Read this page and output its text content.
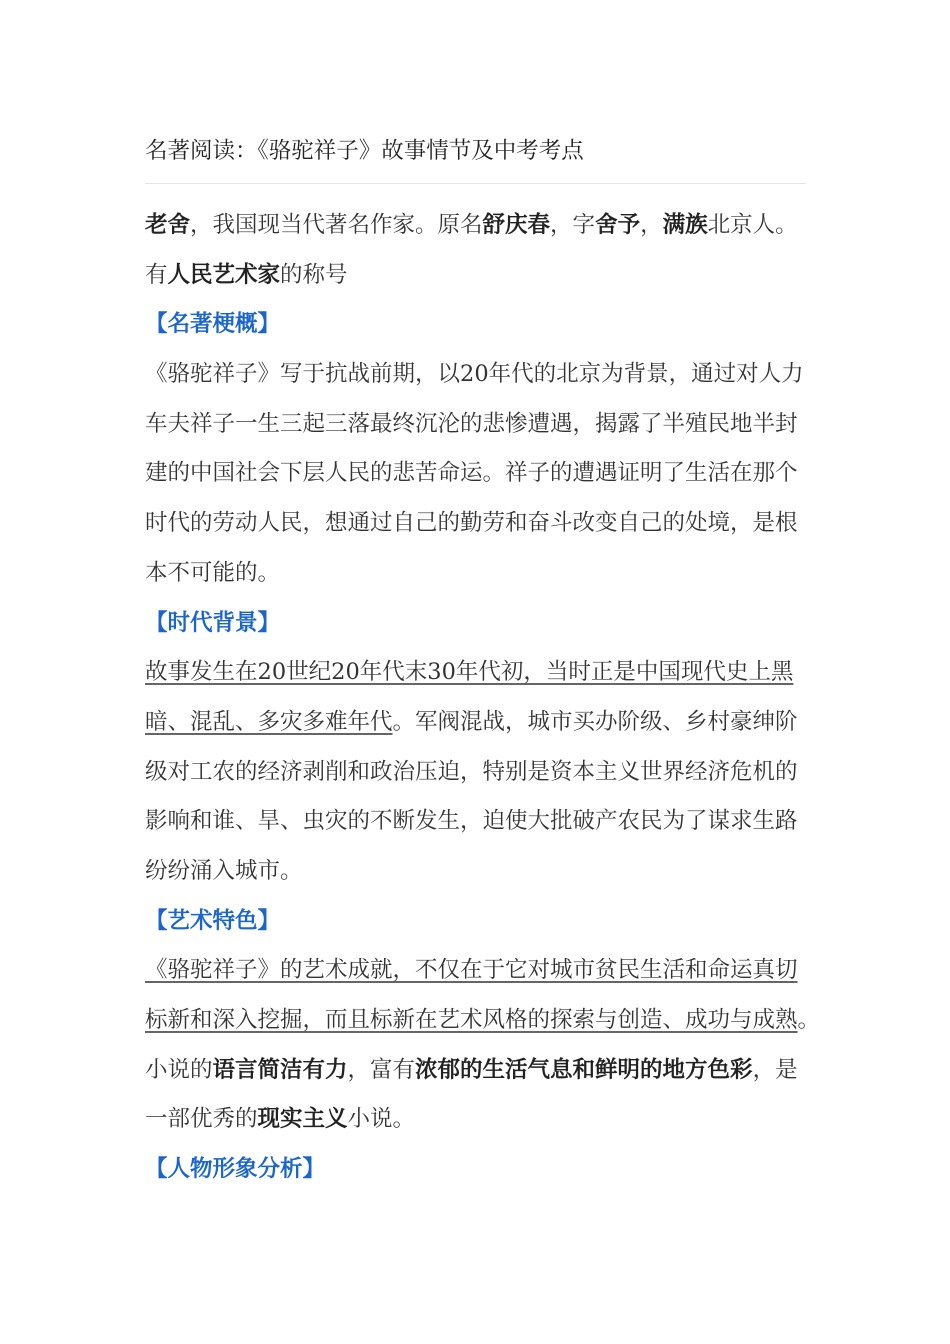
名著阅读：《骆驼祥子》故事情节及中考考点
老舍，我国现当代著名作家。原名舒庆春，字舍予，满族北京人。
有人民艺术家的称号
【名著梗概】
《骆驼祥子》写于抗战前期，以20年代的北京为背景，通过对人力
车夫祥子一生三起三落最终沉沦的悲惨遭遇，揭露了半殖民地半封
建的中国社会下层人民的悲苦命运。祥子的遭遇证明了生活在那个
时代的劳动人民，想通过自己的勤劳和奋斗改变自己的处境，是根
本不可能的。
【时代背景】
故事发生在20世纪20年代末30年代初，当时正是中国现代史上黑
暗、混乱、多灾多难年代。军阀混战，城市买办阶级、乡村豪绅阶
级对工农的经济剥削和政治压迫，特别是资本主义世界经济危机的
影响和谁、旱、虫灾的不断发生，迫使大批破产农民为了谋求生路
纷纷涌入城市。
【艺术特色】
《骆驼祥子》的艺术成就，不仅在于它对城市贫民生活和命运真切
标新和深入挖掘，而且标新在艺术风格的探索与创造、成功与成熟。
小说的语言简洁有力，富有浓郁的生活气息和鲜明的地方色彩，是
一部优秀的现实主义小说。
【人物形象分析】
